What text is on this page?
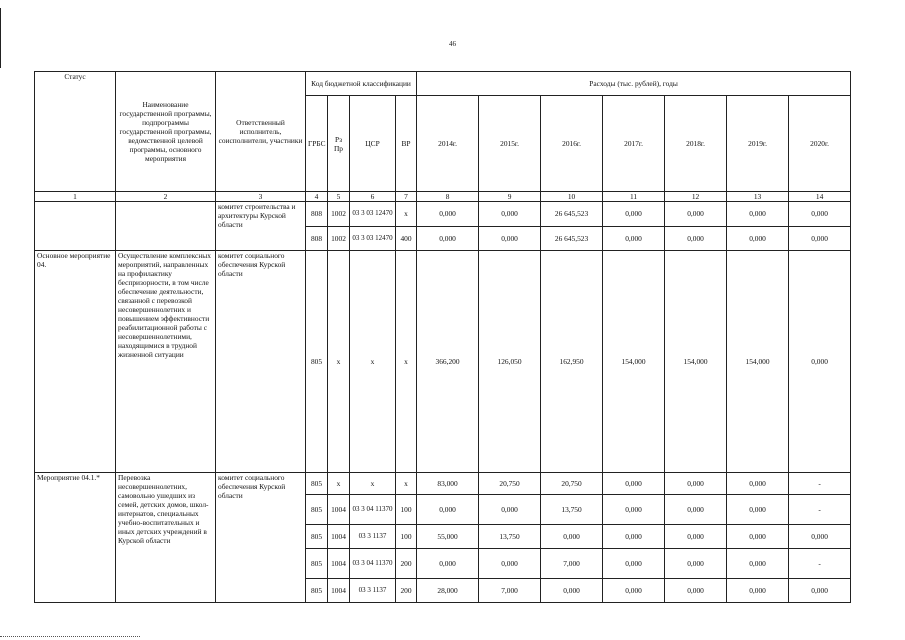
46
Статус	Наименование государственной программы, подпрограммы государственной программы, ведомственной целевой программы, основного мероприятия	Ответственный исполнитель, соисполнители, участники	Код бюджетной классификации				Расходы (тыс. рублей), годы						
			ГРБС	Рз Пр	ЦСР	ВР	2014г.	2015г.	2016г.	2017г.	2018г.	2019г.	2020г.
1	2	3	4	5	6	7	8	9	10	11	12	13	14
		комитет строительства и архитектуры Курской области	808	1002	03 3 03 12470	x	0,000	0,000	26 645,523	0,000	0,000	0,000	0,000
			808	1002	03 3 03 12470	400	0,000	0,000	26 645,523	0,000	0,000	0,000	0,000
Основное мероприятие 04.	Осуществление комплексных мероприятий, направленных на профилактику беспризорности, в том числе обеспечение деятельности, связанной с перевозкой несовершеннолетних и повышением эффективности реабилитационной работы с несовершеннолетними, находящимися в трудной жизненной ситуации	комитет социального обеспечения Курской области	805	x	x	x	366,200	126,050	162,950	154,000	154,000	154,000	0,000
Мероприятие 04.1.*	Перевозка несовершеннолетних, самовольно ушедших из семей, детских домов, школ-интернатов, специальных учебно-воспитательных и иных детских учреждений в Курской области	комитет социального обеспечения Курской области	805	x	x	x	83,000	20,750	20,750	0,000	0,000	0,000	-
			805	1004	03 3 04 11370	100	0,000	0,000	13,750	0,000	0,000	0,000	-
			805	1004	03 3 1137	100	55,000	13,750	0,000	0,000	0,000	0,000	0,000
			805	1004	03 3 04 11370	200	0,000	0,000	7,000	0,000	0,000	0,000	-
			805	1004	03 3 1137	200	28,000	7,000	0,000	0,000	0,000	0,000	0,000
